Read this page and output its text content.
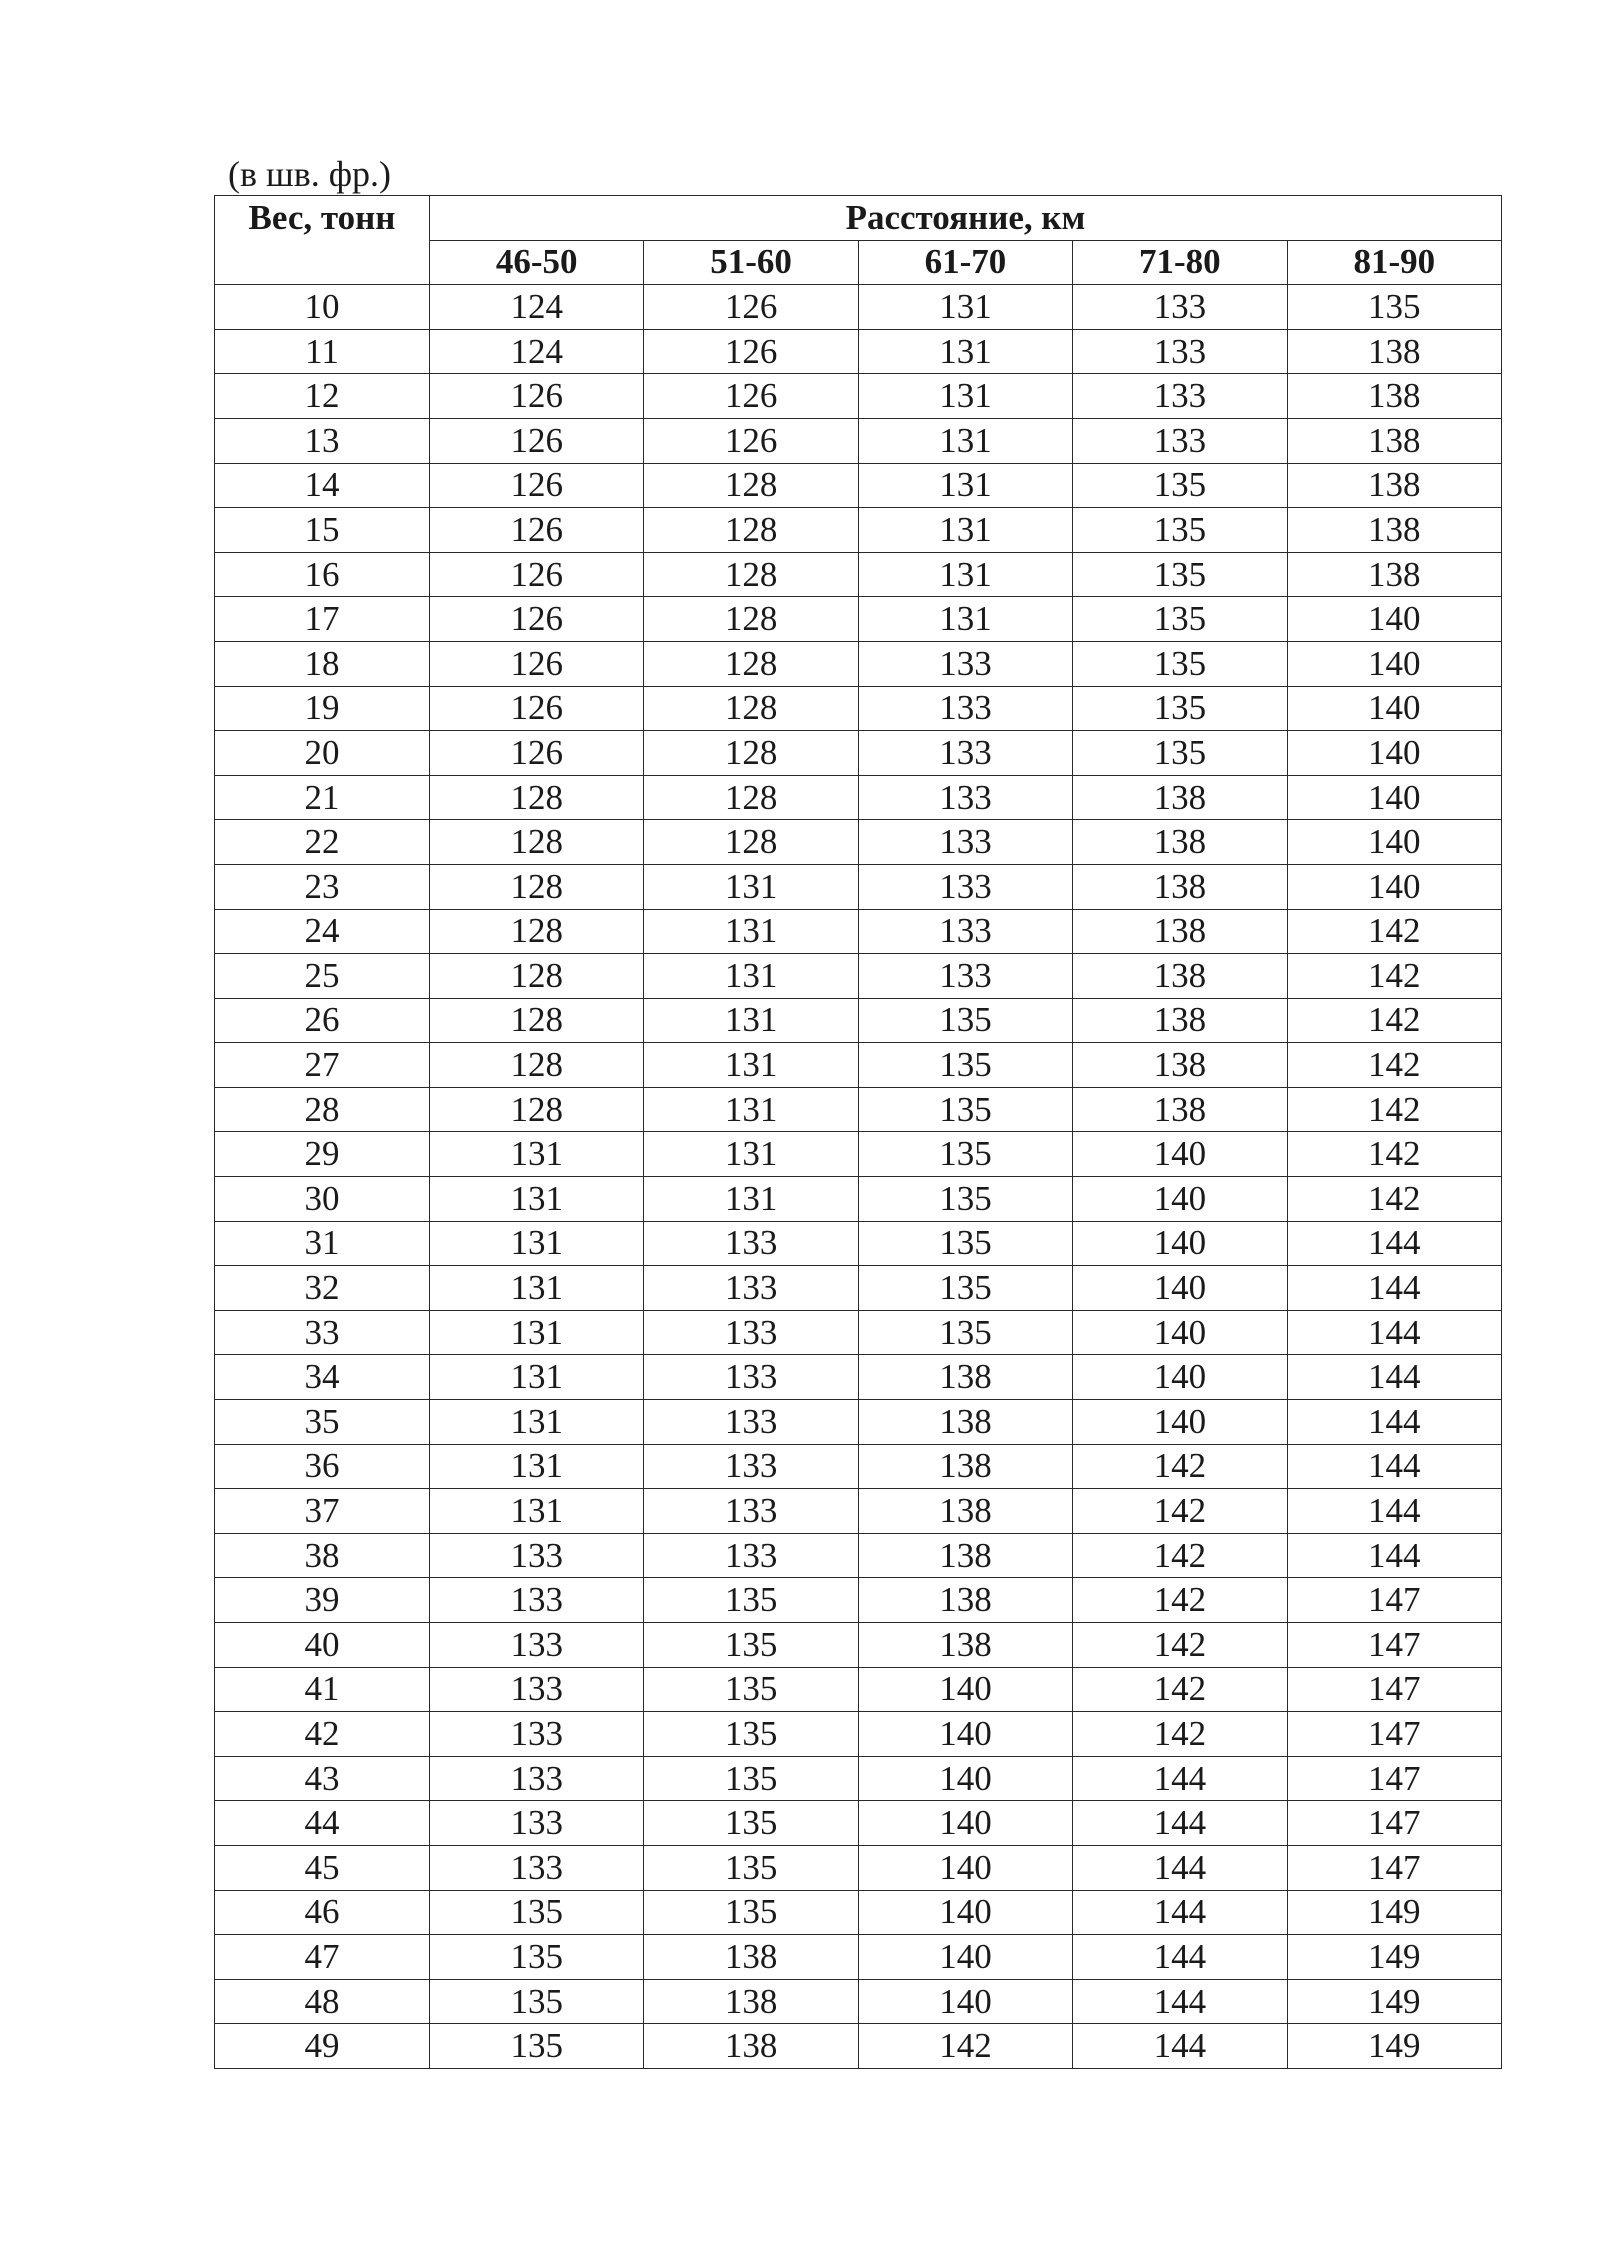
(в шв. фр.)
Вес, тонн	Расстояние, км				
	46-50	51-60	61-70	71-80	81-90
10	124	126	131	133	135
11	124	126	131	133	138
12	126	126	131	133	138
13	126	126	131	133	138
14	126	128	131	135	138
15	126	128	131	135	138
16	126	128	131	135	138
17	126	128	131	135	140
18	126	128	133	135	140
19	126	128	133	135	140
20	126	128	133	135	140
21	128	128	133	138	140
22	128	128	133	138	140
23	128	131	133	138	140
24	128	131	133	138	142
25	128	131	133	138	142
26	128	131	135	138	142
27	128	131	135	138	142
28	128	131	135	138	142
29	131	131	135	140	142
30	131	131	135	140	142
31	131	133	135	140	144
32	131	133	135	140	144
33	131	133	135	140	144
34	131	133	138	140	144
35	131	133	138	140	144
36	131	133	138	142	144
37	131	133	138	142	144
38	133	133	138	142	144
39	133	135	138	142	147
40	133	135	138	142	147
41	133	135	140	142	147
42	133	135	140	142	147
43	133	135	140	144	147
44	133	135	140	144	147
45	133	135	140	144	147
46	135	135	140	144	149
47	135	138	140	144	149
48	135	138	140	144	149
49	135	138	142	144	149
